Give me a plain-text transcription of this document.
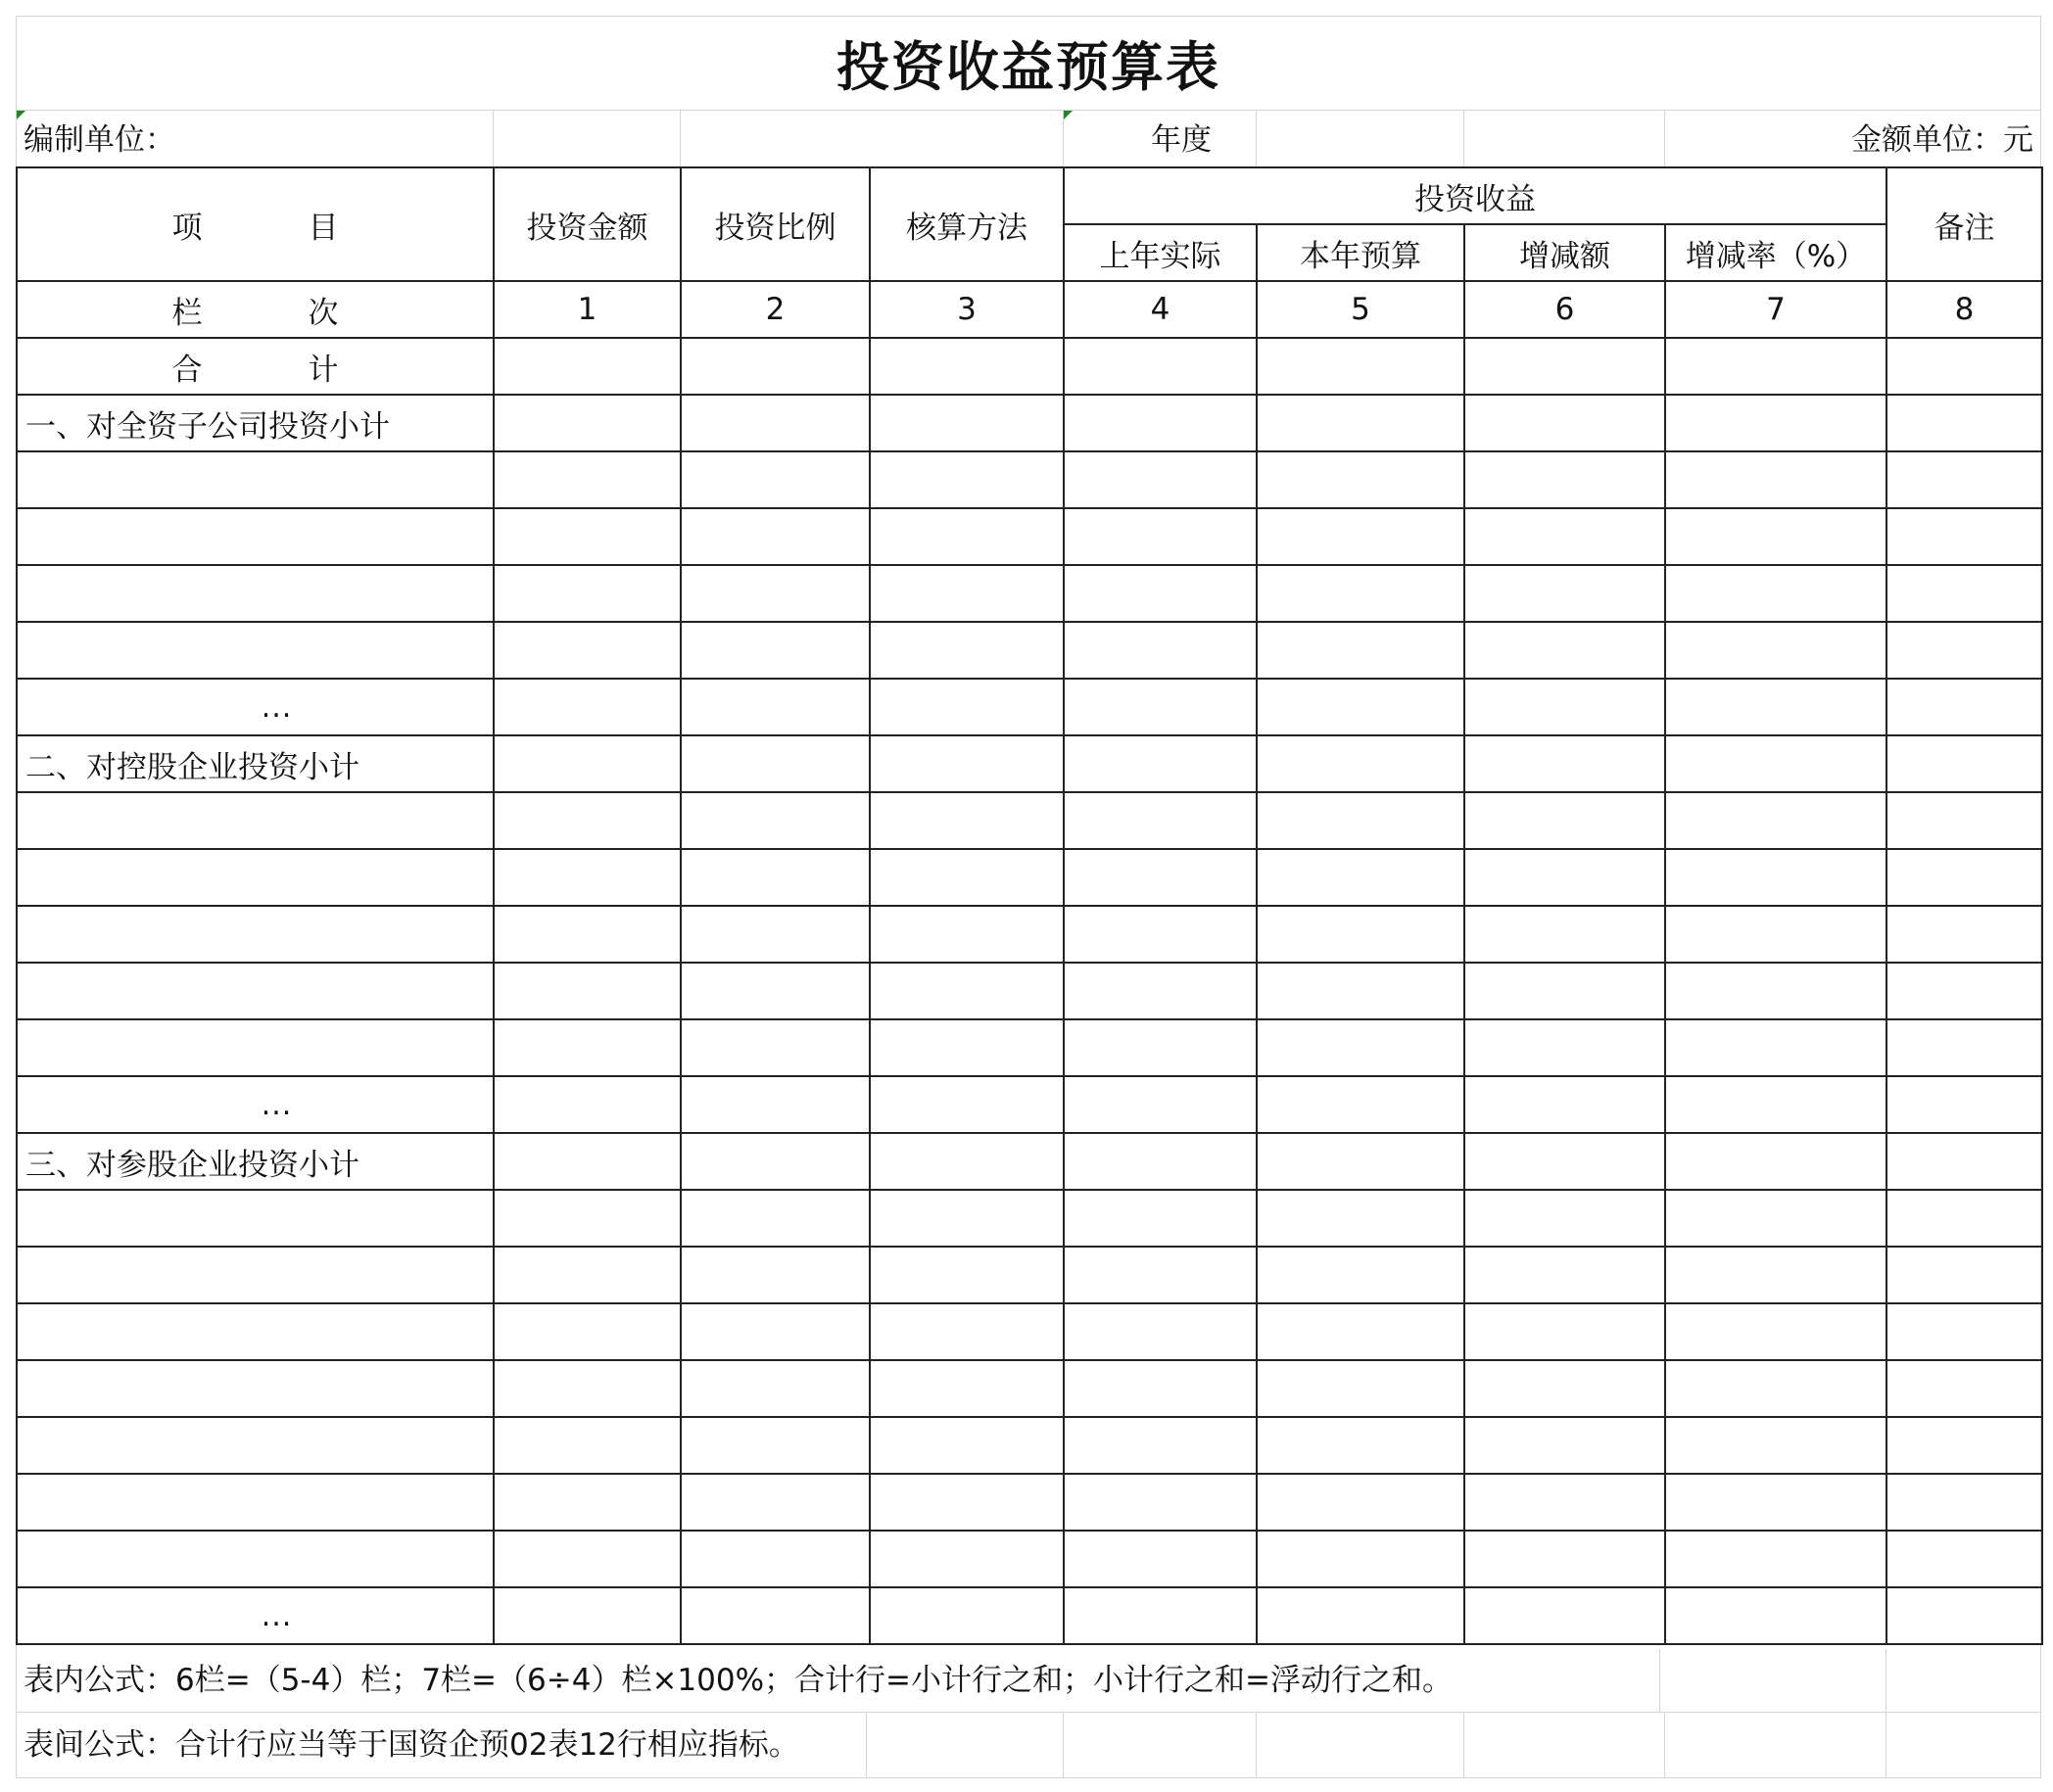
投资收益预算表
编制单位：	年度	金额单位：元
项 目	投资金额	投资比例	核算方法	投资收益				备注
				上年实际	本年预算	增减额	增减率（%）	

栏 次	1	2	3	4	5	6	7	8

合 计								

一、对全资子公司投资小计								

...								
二、对控股企业投资小计								

...								
三、对参股企业投资小计								

...								
表内公式：6栏=（5-4）栏；7栏=（6÷4）栏×100%；合计行=小计行之和；小计行之和=浮动行之和。
表间公式：合计行应当等于国资企预02表12行相应指标。
